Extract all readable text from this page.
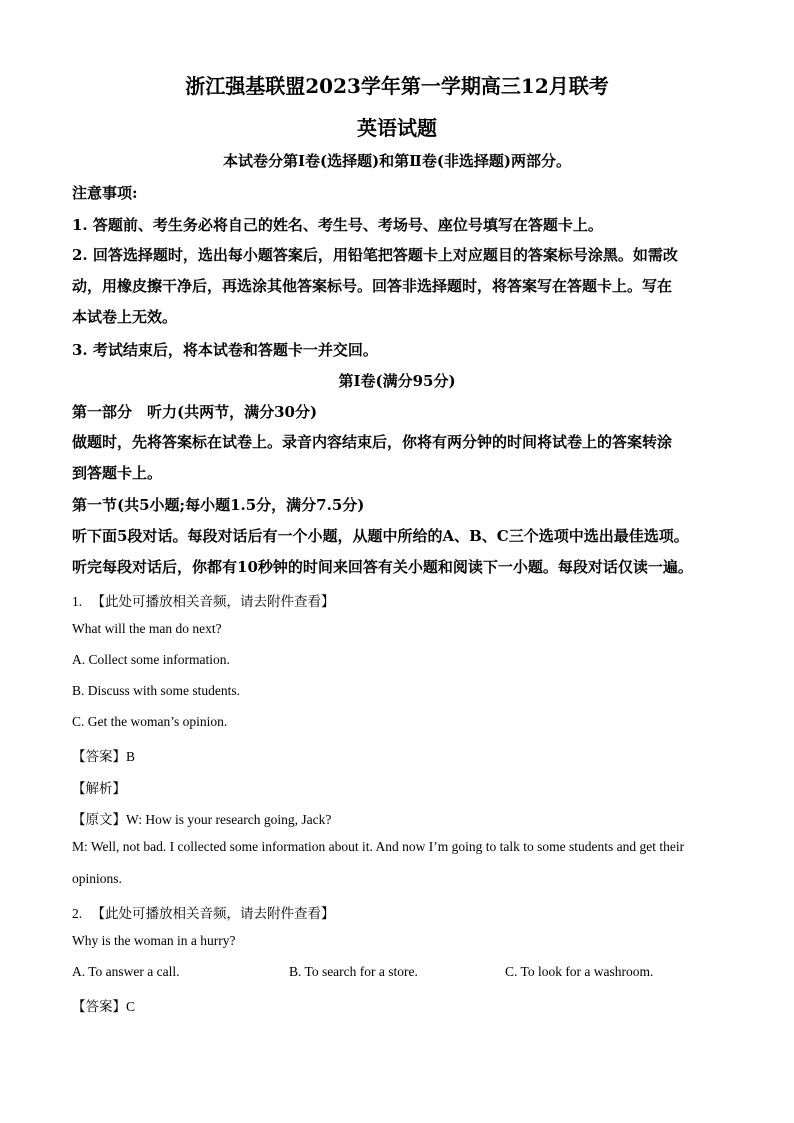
浙江强基联盟2023学年第一学期高三12月联考
英语试题
本试卷分第Ⅰ卷(选择题)和第Ⅱ卷(非选择题)两部分。
注意事项:
1. 答题前、考生务必将自己的姓名、考生号、考场号、座位号填写在答题卡上。
2. 回答选择题时，选出每小题答案后，用铅笔把答题卡上对应题目的答案标号涂黑。如需改
动，用橡皮擦干净后，再选涂其他答案标号。回答非选择题时，将答案写在答题卡上。写在
本试卷上无效。
3. 考试结束后，将本试卷和答题卡一并交回。
第Ⅰ卷(满分95分)
第一部分　听力(共两节，满分30分)
做题时，先将答案标在试卷上。录音内容结束后，你将有两分钟的时间将试卷上的答案转涂
到答题卡上。
第一节(共5小题;每小题1.5分，满分7.5分)
听下面5段对话。每段对话后有一个小题，从题中所给的A、B、C三个选项中选出最佳选项。
听完每段对话后，你都有10秒钟的时间来回答有关小题和阅读下一小题。每段对话仅读一遍。
1. 【此处可播放相关音频，请去附件查看】
What will the man do next?
A. Collect some information.
B. Discuss with some students.
C. Get the woman’s opinion.
【答案】B
【解析】
【原文】W: How is your research going, Jack?
M: Well, not bad. I collected some information about it. And now I’m going to talk to some students and get their
opinions.
2. 【此处可播放相关音频，请去附件查看】
Why is the woman in a hurry?
A. To answer a call.	B. To search for a store.	C. To look for a washroom.
【答案】C
